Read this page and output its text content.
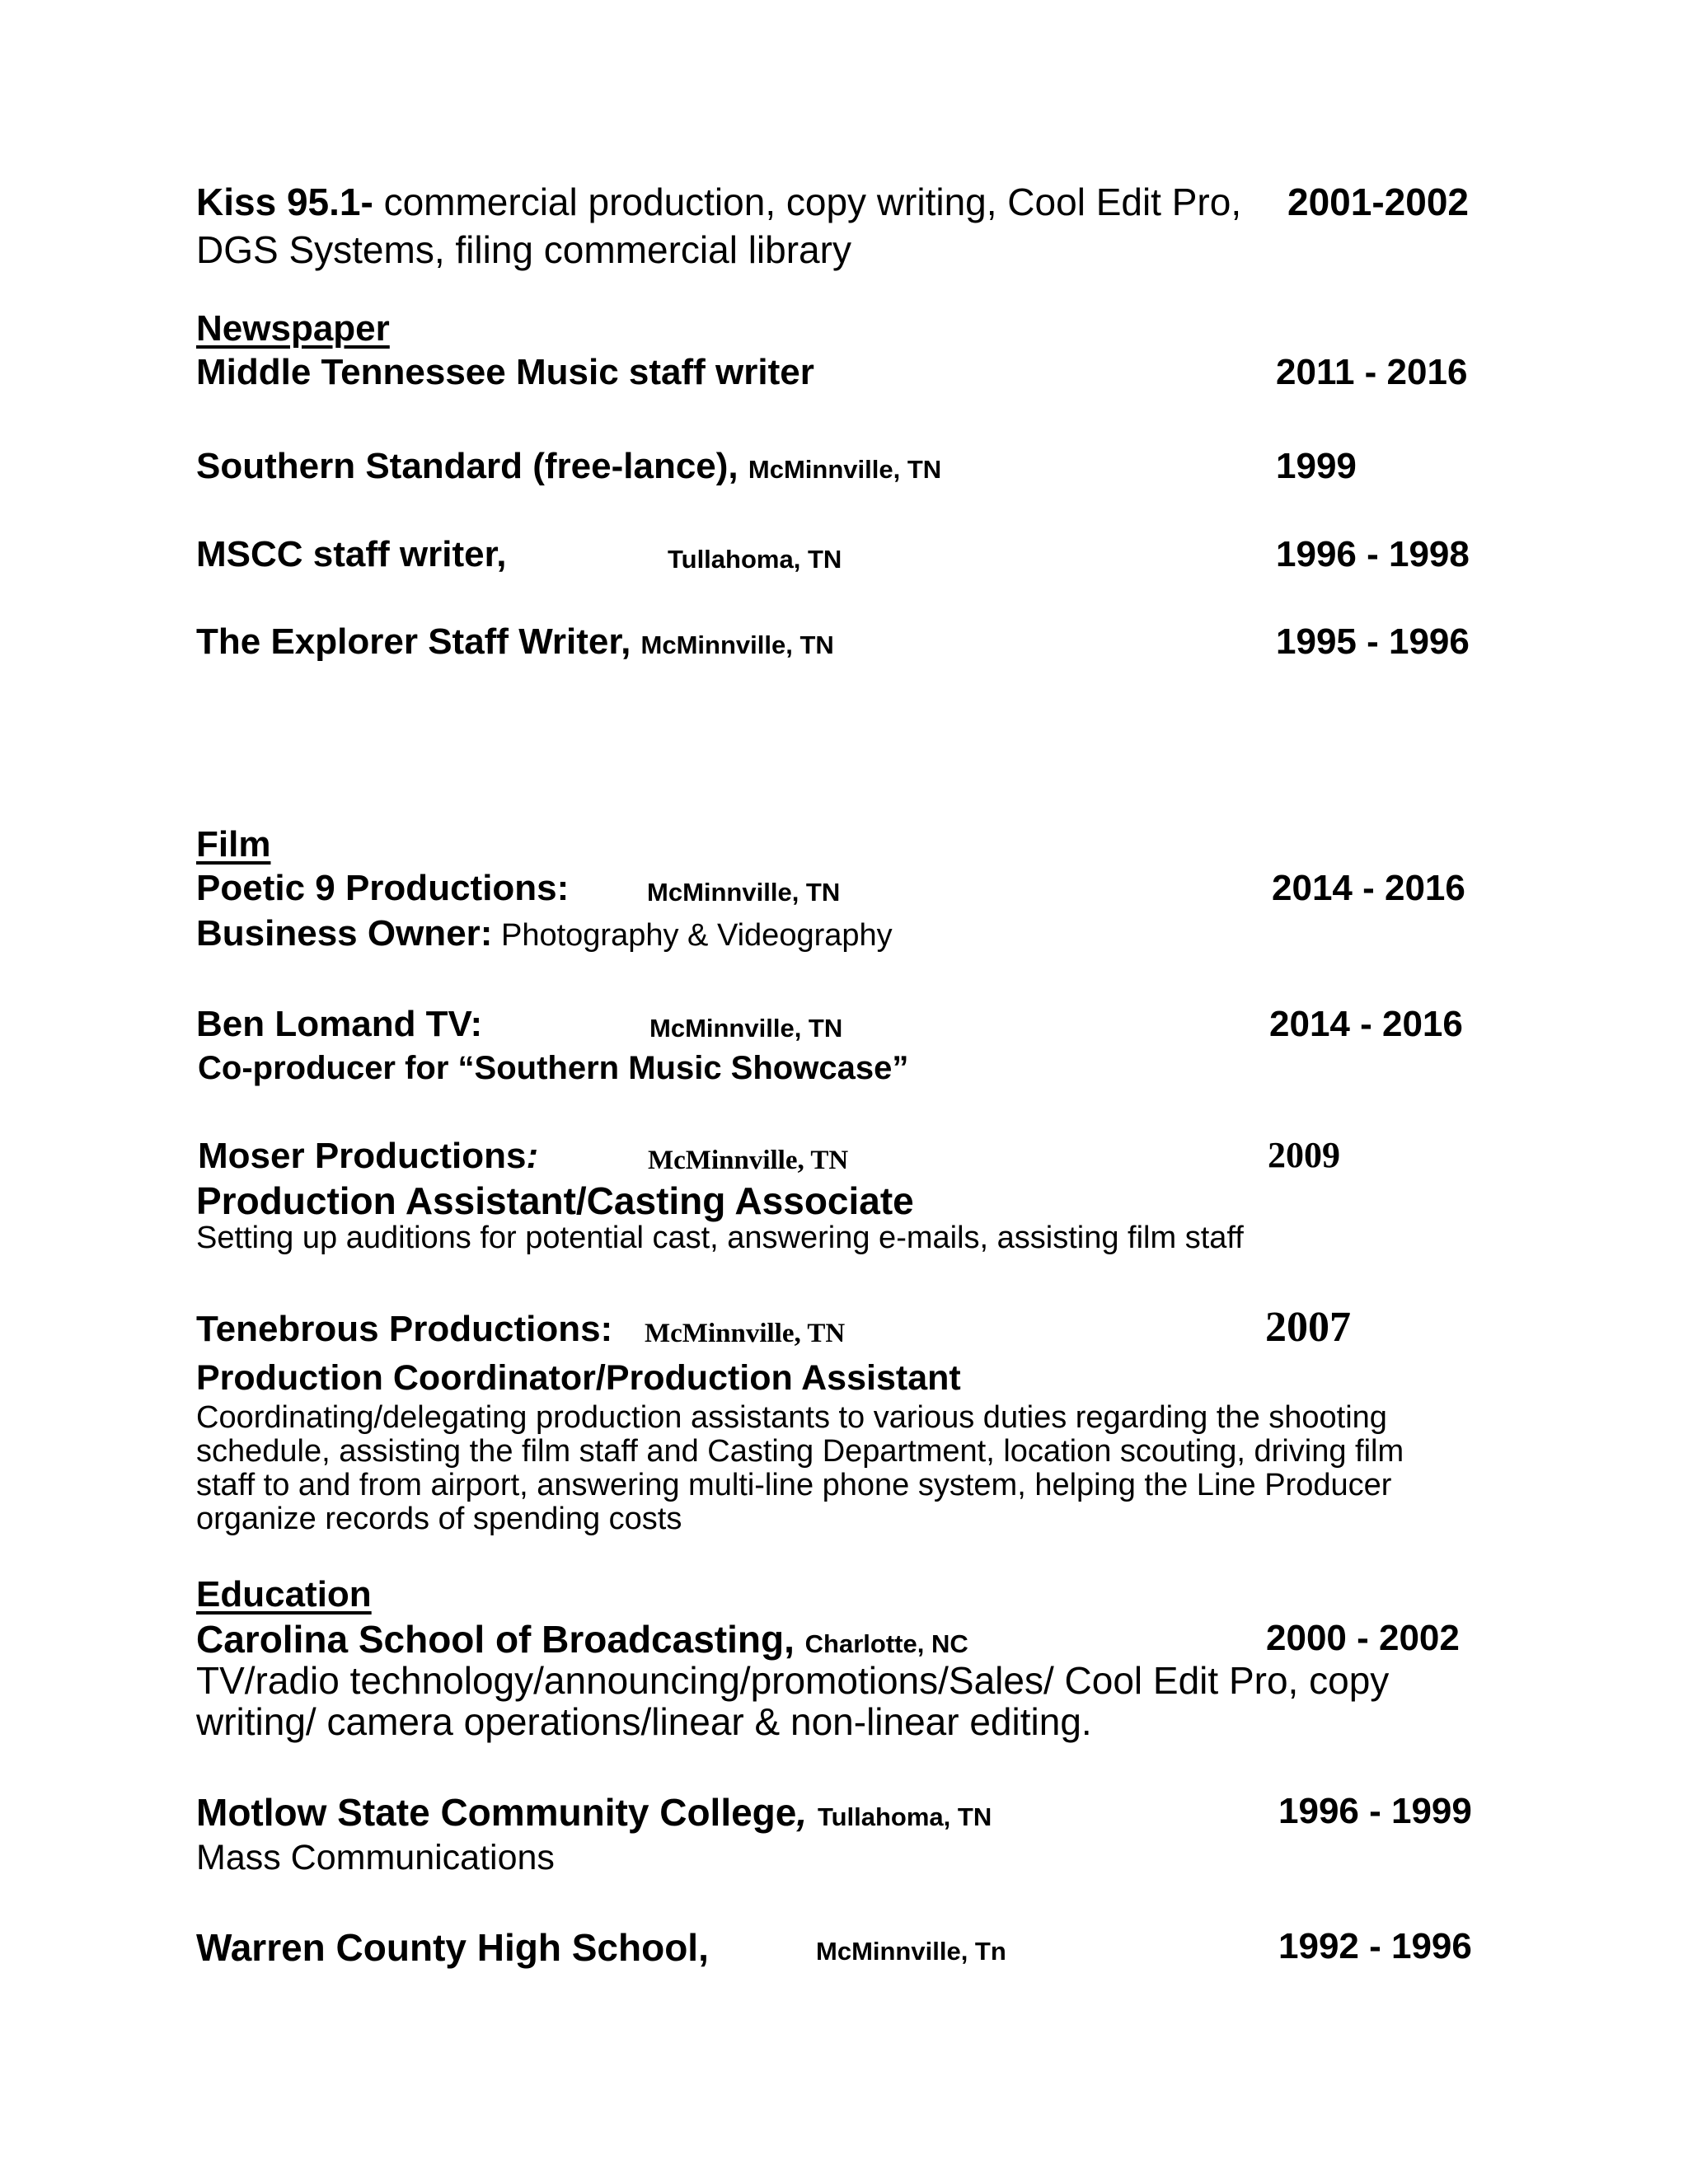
Kiss 95.1- commercial production, copy writing, Cool Edit Pro, 2001-2002
DGS Systems, filing commercial library
Newspaper
Middle Tennessee Music staff writer	2011 - 2016
Southern Standard (free-lance), McMinnville, TN	1999
MSCC staff writer,	Tullahoma, TN	1996 - 1998
The Explorer Staff Writer, McMinnville, TN	1995 - 1996
Film
Poetic 9 Productions:	McMinnville, TN	2014 - 2016
Business Owner: Photography & Videography
Ben Lomand TV:	McMinnville, TN	2014 - 2016
Co-producer for “Southern Music Showcase”
Moser Productions:	McMinnville, TN	2009
Production Assistant/Casting Associate
Setting up auditions for potential cast, answering e-mails, assisting film staff
Tenebrous Productions: McMinnville, TN	2007
Production Coordinator/Production Assistant
Coordinating/delegating production assistants to various duties regarding the shooting
schedule, assisting the film staff and Casting Department, location scouting, driving film
staff to and from airport, answering multi-line phone system, helping the Line Producer
organize records of spending costs
Education
Carolina School of Broadcasting, Charlotte, NC	2000 - 2002
TV/radio technology/announcing/promotions/Sales/ Cool Edit Pro, copy
writing/ camera operations/linear & non-linear editing.
Motlow State Community College, Tullahoma, TN	1996 - 1999
Mass Communications
Warren County High School,	McMinnville, Tn	1992 - 1996
